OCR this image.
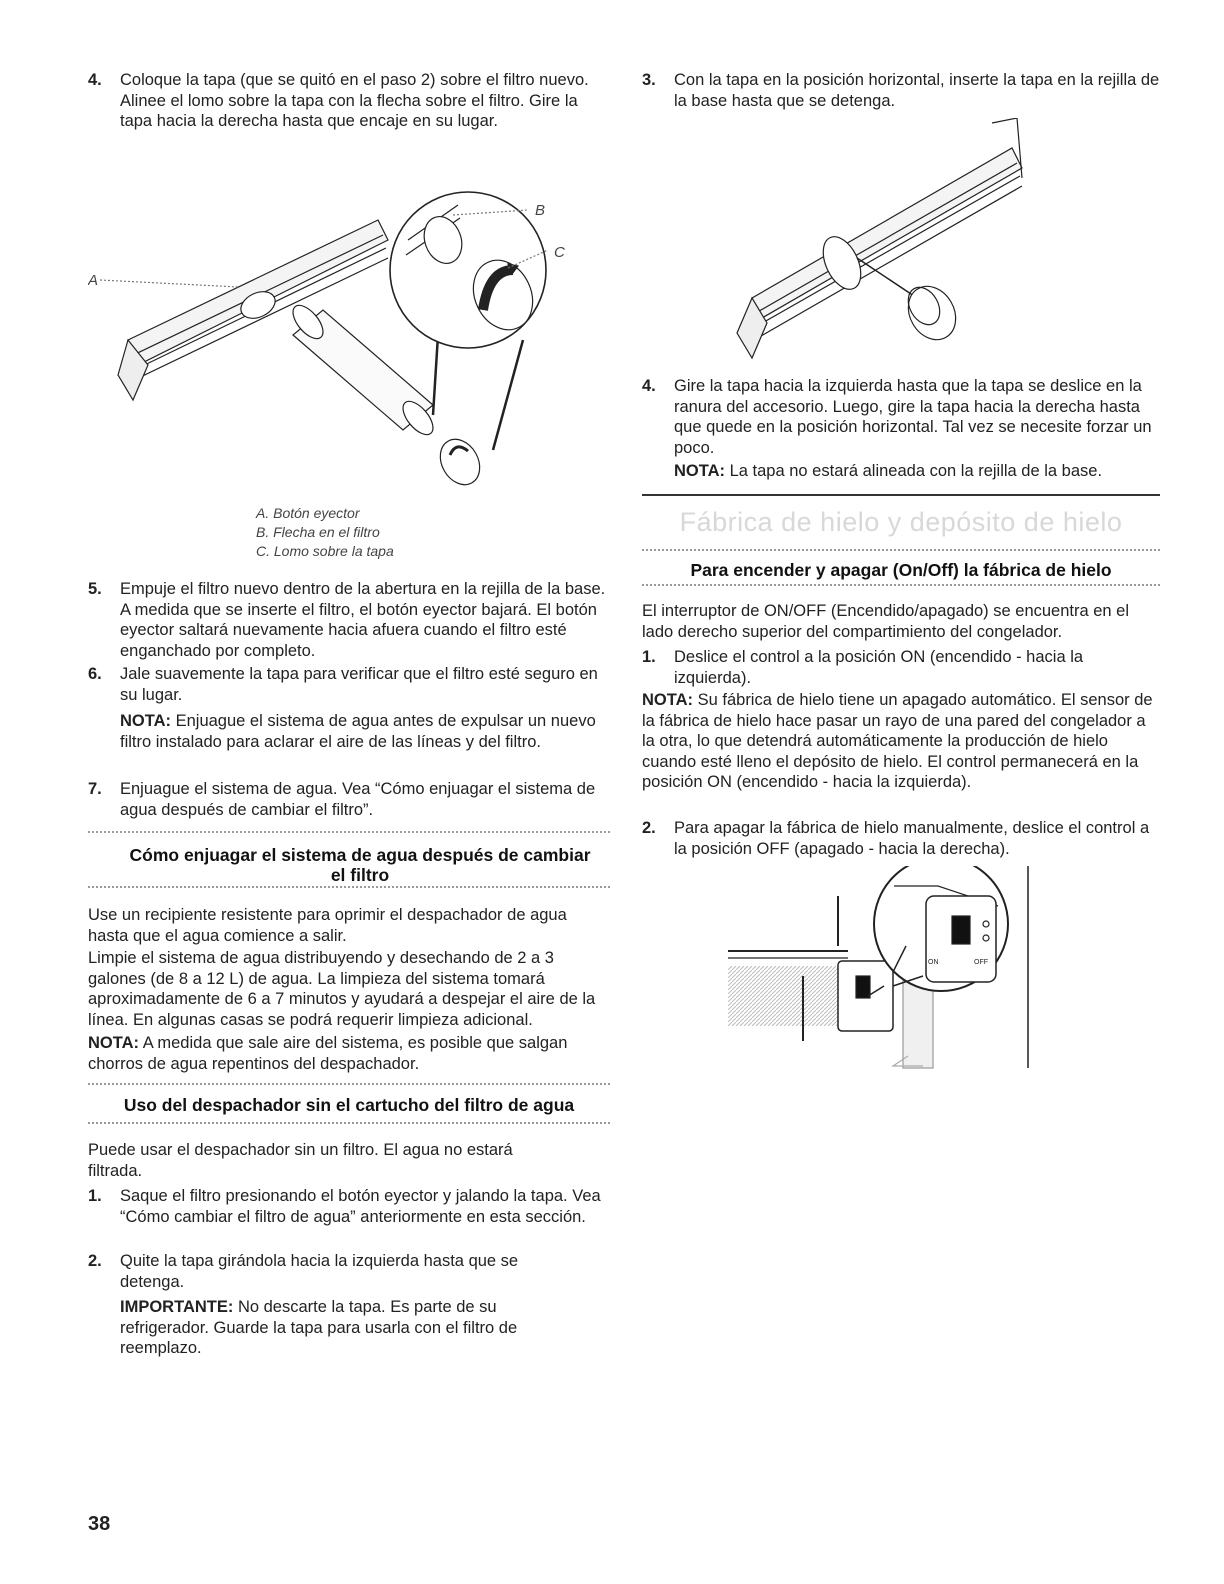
4. Coloque la tapa (que se quitó en el paso 2) sobre el filtro nuevo. Alinee el lomo sobre la tapa con la flecha sobre el filtro. Gire la tapa hacia la derecha hasta que encaje en su lugar.
A
B
C
A. Botón eyector
B. Flecha en el filtro
C. Lomo sobre la tapa
5. Empuje el filtro nuevo dentro de la abertura en la rejilla de la base. A medida que se inserte el filtro, el botón eyector bajará. El botón eyector saltará nuevamente hacia afuera cuando el filtro esté enganchado por completo.
6. Jale suavemente la tapa para verificar que el filtro esté seguro en su lugar.

NOTA: Enjuague el sistema de agua antes de expulsar un nuevo filtro instalado para aclarar el aire de las líneas y del filtro.

7. Enjuague el sistema de agua. Vea “Cómo enjuagar el sistema de agua después de cambiar el filtro”.
Cómo enjuagar el sistema de agua después de cambiar el filtro

Use un recipiente resistente para oprimir el despachador de agua hasta que el agua comience a salir.

Limpie el sistema de agua distribuyendo y desechando de 2 a 3 galones (de 8 a 12 L) de agua. La limpieza del sistema tomará aproximadamente de 6 a 7 minutos y ayudará a despejar el aire de la línea. En algunas casas se podrá requerir limpieza adicional.

NOTA: A medida que sale aire del sistema, es posible que salgan chorros de agua repentinos del despachador.

Uso del despachador sin el cartucho del filtro de agua

Puede usar el despachador sin un filtro. El agua no estará filtrada.

1. Saque el filtro presionando el botón eyector y jalando la tapa. Vea “Cómo cambiar el filtro de agua” anteriormente en esta sección.
2. Quite la tapa girándola hacia la izquierda hasta que se detenga.

IMPORTANTE: No descarte la tapa. Es parte de su refrigerador. Guarde la tapa para usarla con el filtro de reemplazo.

3. Con la tapa en la posición horizontal, inserte la tapa en la rejilla de la base hasta que se detenga.
4. Gire la tapa hacia la izquierda hasta que la tapa se deslice en la ranura del accesorio. Luego, gire la tapa hacia la derecha hasta que quede en la posición horizontal. Tal vez se necesite forzar un poco.

NOTA: La tapa no estará alineada con la rejilla de la base.

Fábrica de hielo y depósito de hielo
Para encender y apagar (On/Off) la fábrica de hielo

El interruptor de ON/OFF (Encendido/apagado) se encuentra en el lado derecho superior del compartimiento del congelador.

1. Deslice el control a la posición ON (encendido - hacia la izquierda).

NOTA: Su fábrica de hielo tiene un apagado automático. El sensor de la fábrica de hielo hace pasar un rayo de una pared del congelador a la otra, lo que detendrá automáticamente la producción de hielo cuando esté lleno el depósito de hielo. El control permanecerá en la posición ON (encendido - hacia la izquierda).

2. Para apagar la fábrica de hielo manualmente, deslice el control a la posición OFF (apagado - hacia la derecha).
ON	OFF
38
